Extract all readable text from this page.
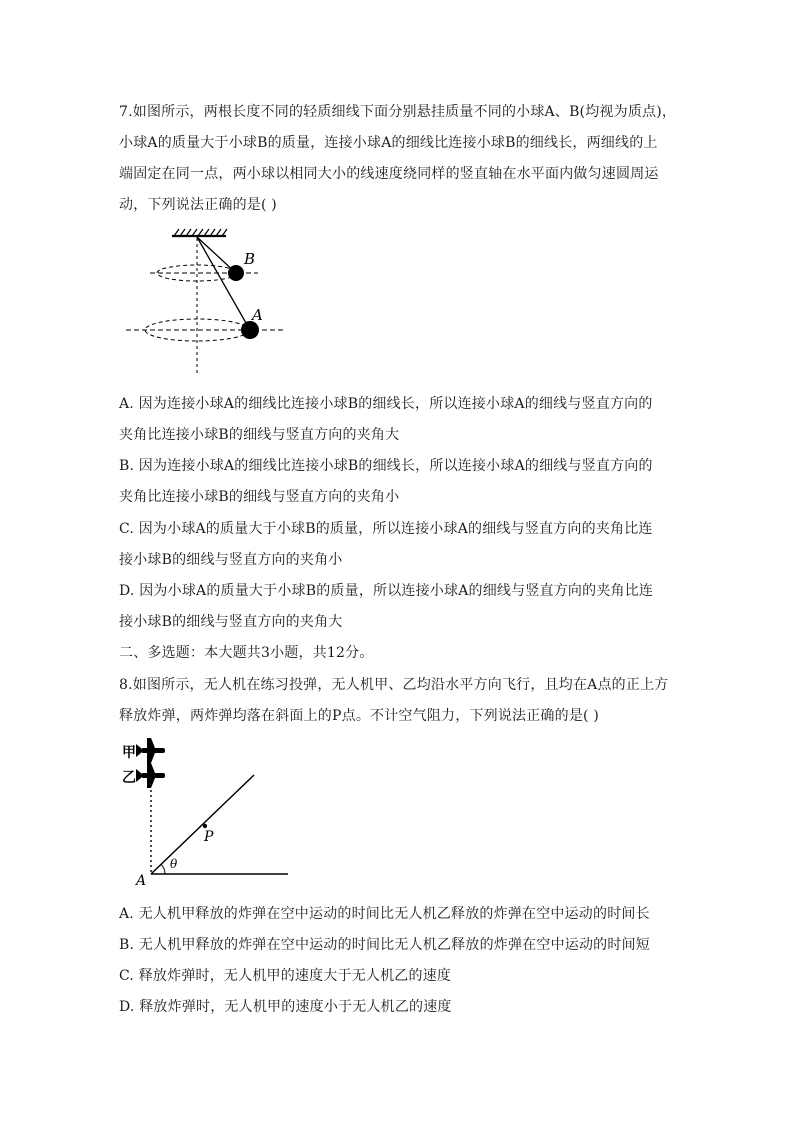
7.如图所示，两根长度不同的轻质细线下面分别悬挂质量不同的小球A、B(均视为质点)，
小球A的质量大于小球B的质量，连接小球A的细线比连接小球B的细线长，两细线的上
端固定在同一点，两小球以相同大小的线速度绕同样的竖直轴在水平面内做匀速圆周运
动，下列说法正确的是( )
B
A
A. 因为连接小球A的细线比连接小球B的细线长，所以连接小球A的细线与竖直方向的
夹角比连接小球B的细线与竖直方向的夹角大
B. 因为连接小球A的细线比连接小球B的细线长，所以连接小球A的细线与竖直方向的
夹角比连接小球B的细线与竖直方向的夹角小
C. 因为小球A的质量大于小球B的质量，所以连接小球A的细线与竖直方向的夹角比连
接小球B的细线与竖直方向的夹角小
D. 因为小球A的质量大于小球B的质量，所以连接小球A的细线与竖直方向的夹角比连
接小球B的细线与竖直方向的夹角大
二、多选题：本大题共3小题，共12分。
8.如图所示，无人机在练习投弹，无人机甲、乙均沿水平方向飞行，且均在A点的正上方
释放炸弹，两炸弹均落在斜面上的P点。不计空气阻力，下列说法正确的是( )
甲
乙
P
θ
A
A. 无人机甲释放的炸弹在空中运动的时间比无人机乙释放的炸弹在空中运动的时间长
B. 无人机甲释放的炸弹在空中运动的时间比无人机乙释放的炸弹在空中运动的时间短
C. 释放炸弹时，无人机甲的速度大于无人机乙的速度
D. 释放炸弹时，无人机甲的速度小于无人机乙的速度
